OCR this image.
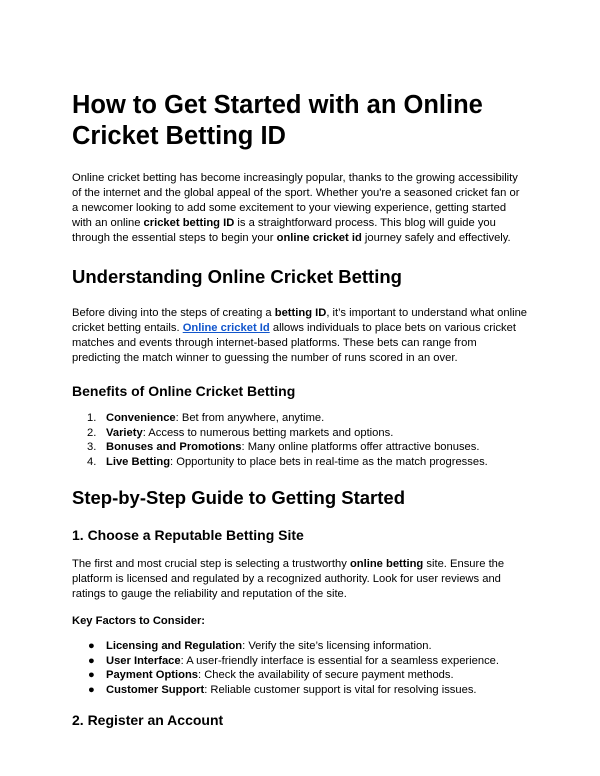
How to Get Started with an Online Cricket Betting ID

Online cricket betting has become increasingly popular, thanks to the growing accessibility of the internet and the global appeal of the sport. Whether you're a seasoned cricket fan or a newcomer looking to add some excitement to your viewing experience, getting started with an online cricket betting ID is a straightforward process. This blog will guide you through the essential steps to begin your online cricket id journey safely and effectively.

Understanding Online Cricket Betting

Before diving into the steps of creating a betting ID, it’s important to understand what online cricket betting entails. Online cricket Id allows individuals to place bets on various cricket matches and events through internet-based platforms. These bets can range from predicting the match winner to guessing the number of runs scored in an over.

Benefits of Online Cricket Betting
1. Convenience: Bet from anywhere, anytime.
2. Variety: Access to numerous betting markets and options.
3. Bonuses and Promotions: Many online platforms offer attractive bonuses.
4. Live Betting: Opportunity to place bets in real-time as the match progresses.
Step-by-Step Guide to Getting Started
1. Choose a Reputable Betting Site

The first and most crucial step is selecting a trustworthy online betting site. Ensure the platform is licensed and regulated by a recognized authority. Look for user reviews and ratings to gauge the reliability and reputation of the site.

Key Factors to Consider:
● Licensing and Regulation: Verify the site’s licensing information.
● User Interface: A user-friendly interface is essential for a seamless experience.
● Payment Options: Check the availability of secure payment methods.
● Customer Support: Reliable customer support is vital for resolving issues.
2. Register an Account
